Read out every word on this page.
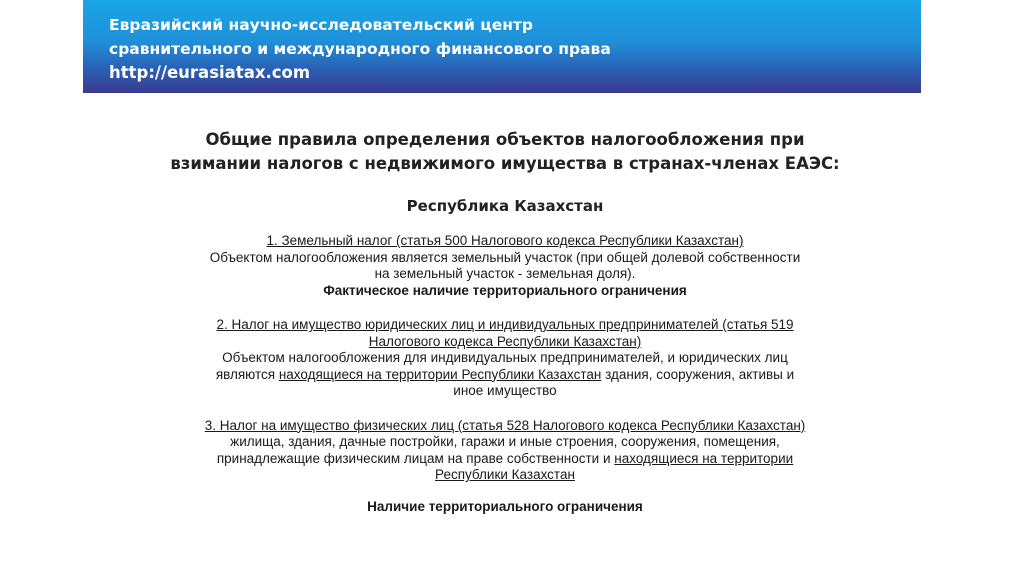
Евразийский научно-исследовательский центр
сравнительного и международного финансового права
http://eurasiatax.com
Общие правила определения объектов налогообложения при
взимании налогов с недвижимого имущества в странах-членах ЕАЭС:
Республика Казахстан
1. Земельный налог (статья 500 Налогового кодекса Республики Казахстан)
Объектом налогообложения является земельный участок (при общей долевой собственности
на земельный участок - земельная доля).
Фактическое наличие территориального ограничения
2. Налог на имущество юридических лиц и индивидуальных предпринимателей (статья 519
Налогового кодекса Республики Казахстан)
Объектом налогообложения для индивидуальных предпринимателей, и юридических лиц
являются находящиеся на территории Республики Казахстан здания, сооружения, активы и
иное имущество
3. Налог на имущество физических лиц (статья 528 Налогового кодекса Республики Казахстан)
жилища, здания, дачные постройки, гаражи и иные строения, сооружения, помещения,
принадлежащие физическим лицам на праве собственности и находящиеся на территории
Республики Казахстан
Наличие территориального ограничения
